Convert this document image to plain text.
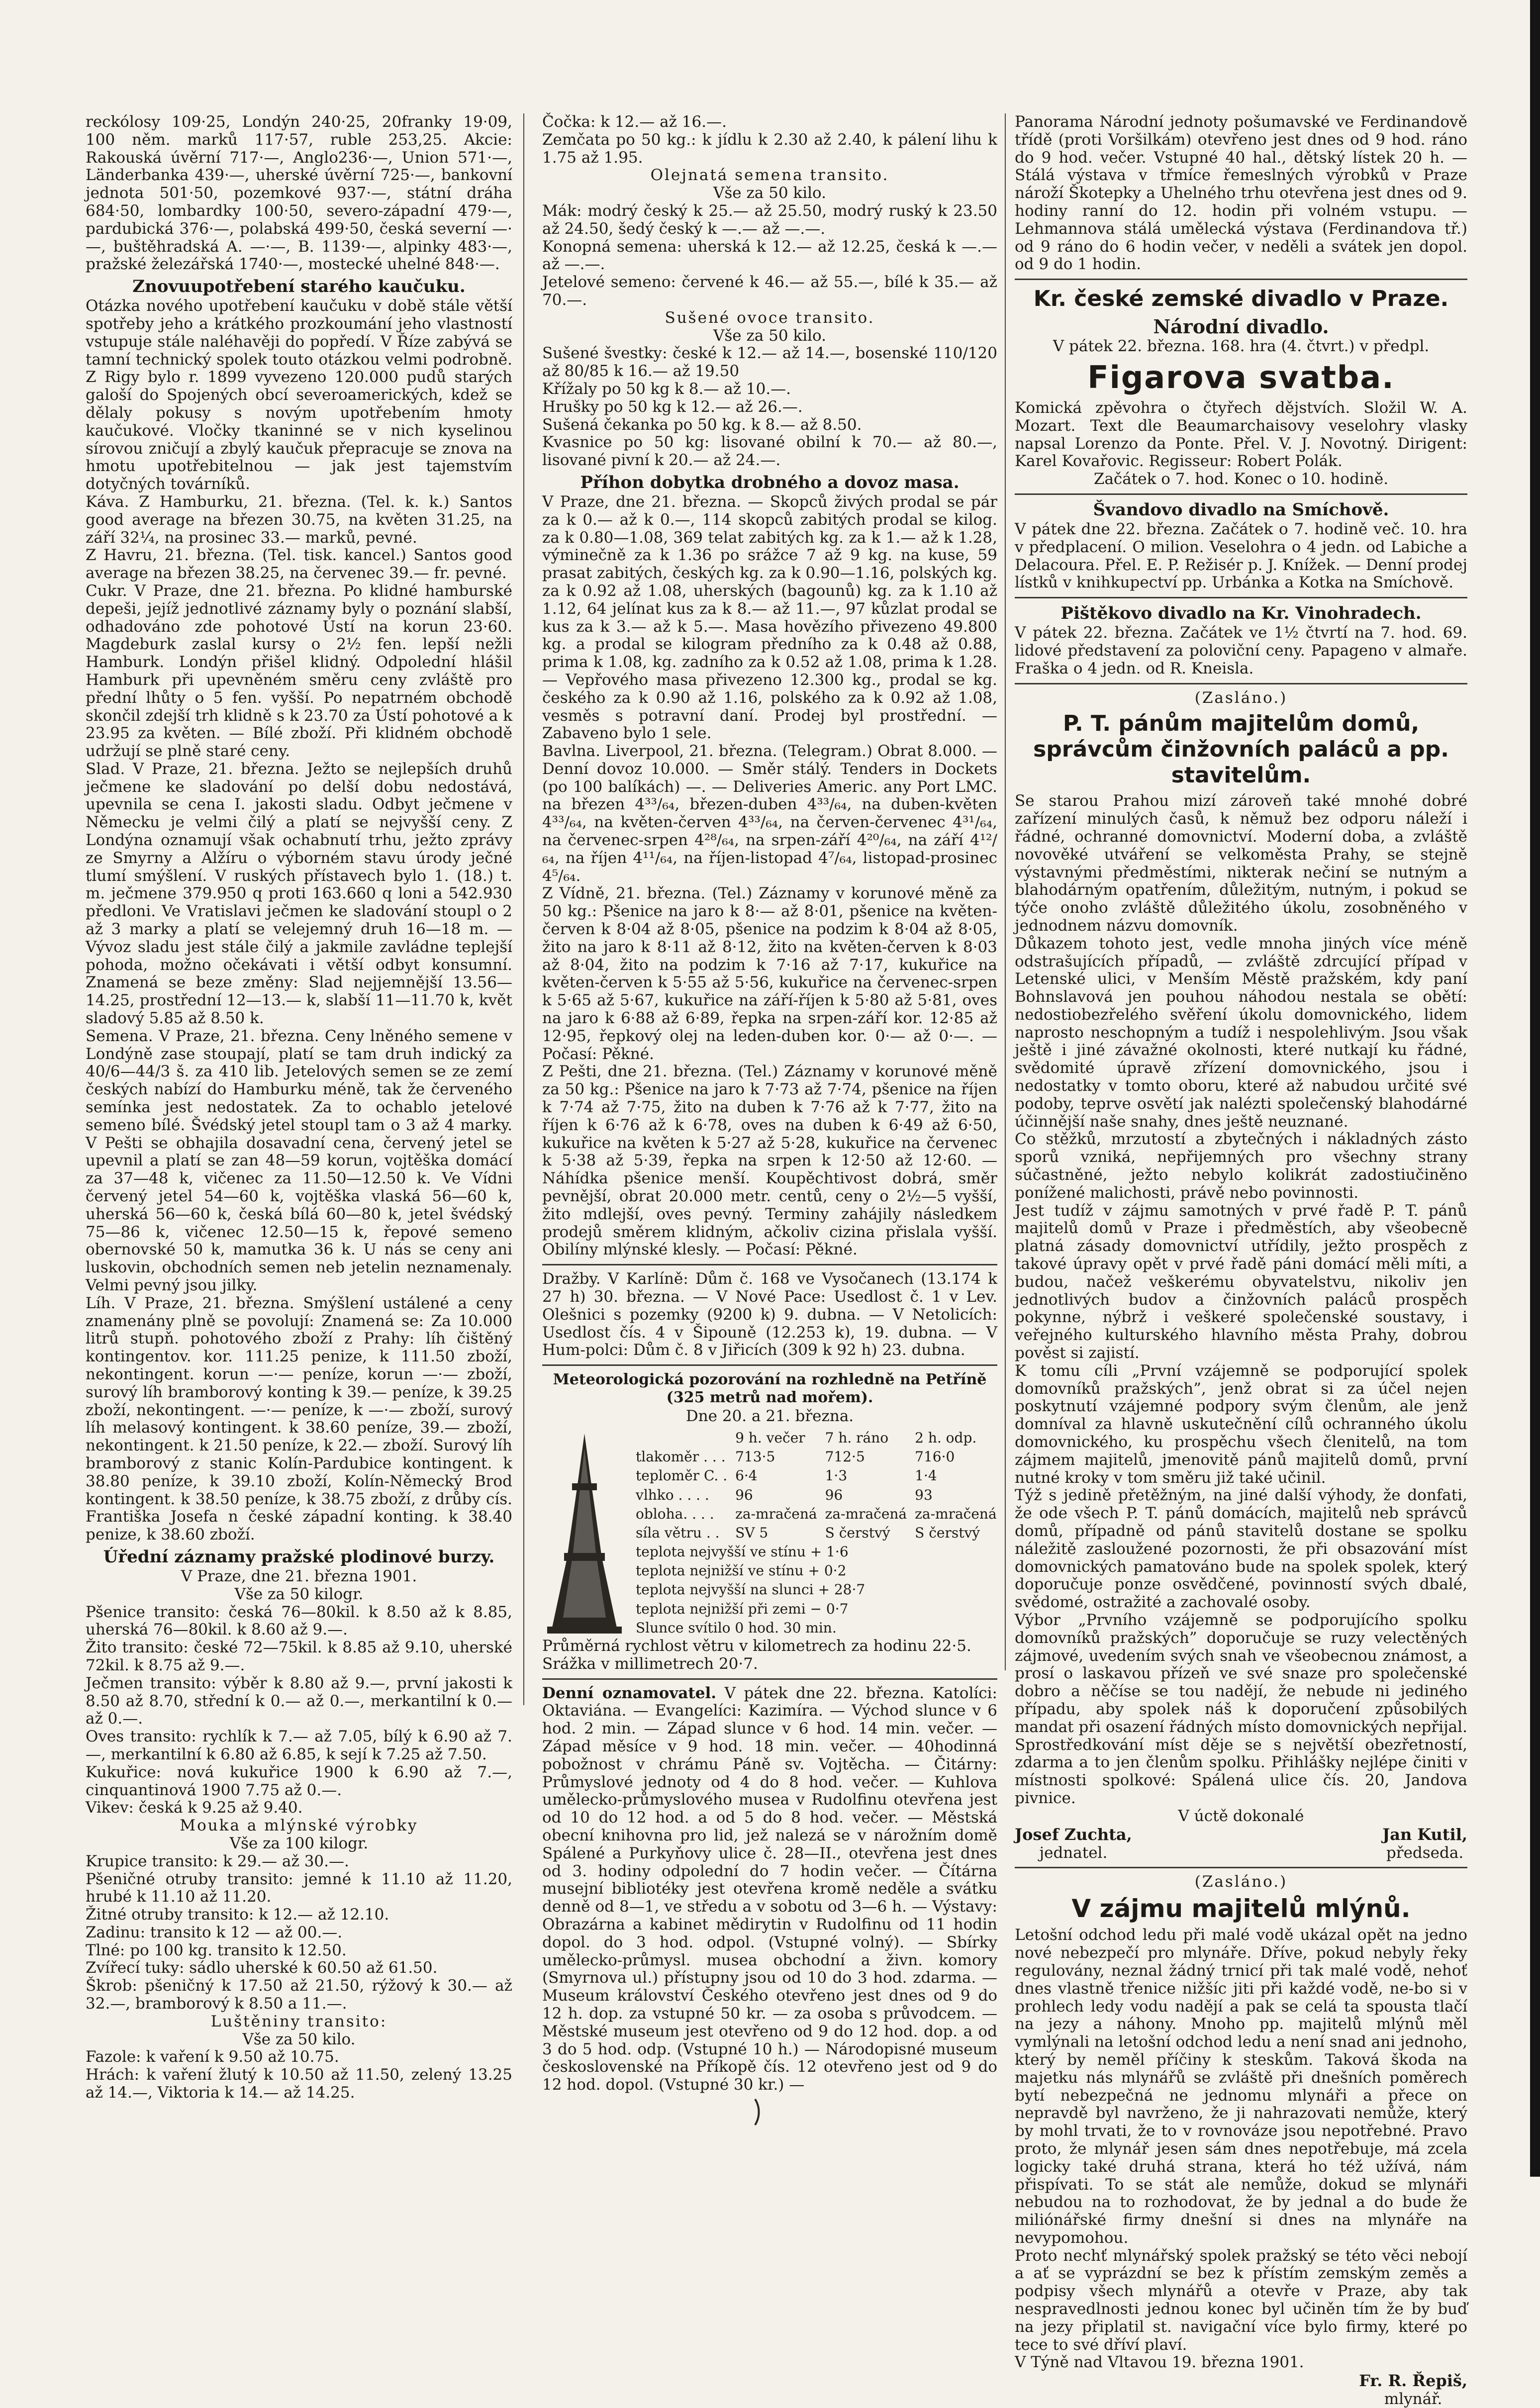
reckólosy 109·25, Londýn 240·25, 20franky 19·09, 100 něm. marků 117·57, ruble 253,25. Akcie: Rakouská úvěrní 717·—, Anglo236·—, Union 571·—, Länderbanka 439·—, uherské úvěrní 725·—, bankovní jednota 501·50, pozemkové 937·—, státní dráha 684·50, lombardky 100·50, severo-západní 479·—, pardubická 376·—, polabská 499·50, česká severní —·—, buštěhradská A. —·—, B. 1139·—, alpinky 483·—, pražské železářská 1740·—, mostecké uhelné 848·—.

Znovuupotřebení starého kaučuku.

Otázka nového upotřebení kaučuku v době stále větší spotřeby jeho a krátkého prozkoumání jeho vlastností vstupuje stále naléhavěji do popředí. V Říze zabývá se tamní technický spolek touto otázkou velmi podrobně. Z Rigy bylo r. 1899 vyvezeno 120.000 pudů starých galoší do Spojených obcí severoamerických, kdež se dělaly pokusy s novým upotřebením hmoty kaučukové. Vločky tkaninné se v nich kyselinou sírovou zničují a zbylý kaučuk přepracuje se znova na hmotu upotřebitelnou — jak jest tajemstvím dotyčných továrníků.

Káva. Z Hamburku, 21. března. (Tel. k. k.) Santos good average na březen 30.75, na květen 31.25, na září 32¼, na prosinec 33.— marků, pevné.

Z Havru, 21. března. (Tel. tisk. kancel.) Santos good average na březen 38.25, na červenec 39.— fr. pevné.

Cukr. V Praze, dne 21. března. Po klidné hamburské depeši, jejíž jednotlivé záznamy byly o poznání slabší, odhadováno zde pohotové Ústí na korun 23·60. Magdeburk zaslal kursy o 2½ fen. lepší nežli Hamburk. Londýn přišel klidný. Odpolední hlášil Hamburk při upevněném směru ceny zvláště pro přední lhůty o 5 fen. vyšší. Po nepatrném obchodě skončil zdejší trh klidně s k 23.70 za Ústí pohotové a k 23.95 za květen. — Bílé zboží. Při klidném obchodě udržují se plně staré ceny.

Slad. V Praze, 21. března. Ježto se nejlepších druhů ječmene ke sladování po delší dobu nedostává, upevnila se cena I. jakosti sladu. Odbyt ječmene v Německu je velmi čilý a platí se nejvyšší ceny. Z Londýna oznamují však ochabnutí trhu, ježto zprávy ze Smyrny a Alžíru o výborném stavu úrody ječné tlumí smýšlení. V ruských přístavech bylo 1. (18.) t. m. ječmene 379.950 q proti 163.660 q loni a 542.930 předloni. Ve Vratislavi ječmen ke sladování stoupl o 2 až 3 marky a platí se velejemný druh 16—18 m. — Vývoz sladu jest stále čilý a jakmile zavládne teplejší pohoda, možno očekávati i větší odbyt konsumní. Znamená se beze změny: Slad nejjemnější 13.56—14.25, prostřední 12—13.— k, slabší 11—11.70 k, květ sladový 5.85 až 8.50 k.

Semena. V Praze, 21. března. Ceny lněného semene v Londýně zase stoupají, platí se tam druh indický za 40/6—44/3 š. za 410 lib. Jetelových semen se ze zemí českých nabízí do Hamburku méně, tak že červeného semínka jest nedostatek. Za to ochablo jetelové semeno bílé. Švédský jetel stoupl tam o 3 až 4 marky. V Pešti se obhajila dosavadní cena, červený jetel se upevnil a platí se zan 48—59 korun, vojtěška domácí za 37—48 k, vičenec za 11.50—12.50 k. Ve Vídni červený jetel 54—60 k, vojtěška vlaská 56—60 k, uherská 56—60 k, česká bílá 60—80 k, jetel švédský 75—86 k, vičenec 12.50—15 k, řepové semeno obernovské 50 k, mamutka 36 k. U nás se ceny ani luskovin, obchodních semen neb jetelin neznamenaly. Velmi pevný jsou jilky.

Líh. V Praze, 21. března. Smýšlení ustálené a ceny znamenány plně se povolují: Znamená se: Za 10.000 litrů stupň. pohotového zboží z Prahy: líh čištěný kontingentov. kor. 111.25 penize, k 111.50 zboží, nekontingent. korun —·— peníze, korun —·— zboží, surový líh bramborový konting k 39.— peníze, k 39.25 zboží, nekontingent. —·— peníze, k —·— zboží, surový líh melasový kontingent. k 38.60 peníze, 39.— zboží, nekontingent. k 21.50 peníze, k 22.— zboží. Surový líh bramborový z stanic Kolín-Pardubice kontingent. k 38.80 peníze, k 39.10 zboží, Kolín-Německý Brod kontingent. k 38.50 peníze, k 38.75 zboží, z drůby cís. Františka Josefa n české západní konting. k 38.40 penize, k 38.60 zboží.

Úřední záznamy pražské plodinové burzy.

V Praze, dne 21. března 1901.

Vše za 50 kilogr.

Pšenice transito: česká 76—80kil. k 8.50 až k 8.85, uherská 76—80kil. k 8.60 až 9.—.

Žito transito: české 72—75kil. k 8.85 až 9.10, uherské 72kil. k 8.75 až 9.—.

Ječmen transito: výběr k 8.80 až 9.—, první jakosti k 8.50 až 8.70, střední k 0.— až 0.—, merkantilní k 0.— až 0.—.

Oves transito: rychlík k 7.— až 7.05, bílý k 6.90 až 7.—, merkantilní k 6.80 až 6.85, k sejí k 7.25 až 7.50.

Kukuřice: nová kukuřice 1900 k 6.90 až 7.—, cinquantinová 1900 7.75 až 0.—.

Vikev: česká k 9.25 až 9.40.

Mouka a mlýnské výrobky

Vše za 100 kilogr.

Krupice transito: k 29.— až 30.—.

Pšeničné otruby transito: jemné k 11.10 až 11.20, hrubé k 11.10 až 11.20.

Žitné otruby transito: k 12.— až 12.10.

Zadinu: transito k 12 — až 00.—.

Tlné: po 100 kg. transito k 12.50.

Zvířecí tuky: sádlo uherské k 60.50 až 61.50.

Škrob: pšeničný k 17.50 až 21.50, rýžový k 30.— až 32.—, bramborový k 8.50 a 11.—.

Luštěniny transito:

Vše za 50 kilo.

Fazole: k vaření k 9.50 až 10.75.

Hrách: k vaření žlutý k 10.50 až 11.50, zelený 13.25 až 14.—, Viktoria k 14.— až 14.25.

Čočka: k 12.— až 16.—.

Zemčata po 50 kg.: k jídlu k 2.30 až 2.40, k pálení lihu k 1.75 až 1.95.

Olejnatá semena transito.

Vše za 50 kilo.

Mák: modrý český k 25.— až 25.50, modrý ruský k 23.50 až 24.50, šedý český k —.— až —.—.

Konopná semena: uherská k 12.— až 12.25, česká k —.— až —.—.

Jetelové semeno: červené k 46.— až 55.—, bílé k 35.— až 70.—.

Sušené ovoce transito.

Vše za 50 kilo.

Sušené švestky: české k 12.— až 14.—, bosenské 110/120 až 80/85 k 16.— až 19.50

Křížaly po 50 kg k 8.— až 10.—.

Hrušky po 50 kg k 12.— až 26.—.

Sušená čekanka po 50 kg. k 8.— až 8.50.

Kvasnice po 50 kg: lisované obilní k 70.— až 80.—, lisované pivní k 20.— až 24.—.

Příhon dobytka drobného a dovoz masa.

V Praze, dne 21. března. — Skopců živých prodal se pár za k 0.— až k 0.—, 114 skopců zabitých prodal se kilog. za k 0.80—1.08, 369 telat zabitých kg. za k 1.— až k 1.28, výminečně za k 1.36 po srážce 7 až 9 kg. na kuse, 59 prasat zabitých, českých kg. za k 0.90—1.16, polských kg. za k 0.92 až 1.08, uherských (bagounů) kg. za k 1.10 až 1.12, 64 jelínat kus za k 8.— až 11.—, 97 kůzlat prodal se kus za k 3.— až k 5.—. Masa hovězího přivezeno 49.800 kg. a prodal se kilogram předního za k 0.48 až 0.88, prima k 1.08, kg. zadního za k 0.52 až 1.08, prima k 1.28. — Vepřového masa přivezeno 12.300 kg., prodal se kg. českého za k 0.90 až 1.16, polského za k 0.92 až 1.08, vesměs s potravní daní. Prodej byl prostřední. — Zabaveno bylo 1 sele.

Bavlna. Liverpool, 21. března. (Telegram.) Obrat 8.000. — Denní dovoz 10.000. — Směr stálý. Tenders in Dockets (po 100 balíkách) —. — Deliveries Americ. any Port LMC. na březen 4³³/₆₄, březen-duben 4³³/₆₄, na duben-květen 4³³/₆₄, na květen-červen 4³³/₆₄, na červen-červenec 4³¹/₆₄, na červenec-srpen 4²⁸/₆₄, na srpen-září 4²⁰/₆₄, na září 4¹²/₆₄, na říjen 4¹¹/₆₄, na říjen-listopad 4⁷/₆₄, listopad-prosinec 4⁵/₆₄.

Z Vídně, 21. března. (Tel.) Záznamy v korunové měně za 50 kg.: Pšenice na jaro k 8·— až 8·01, pšenice na květen-červen k 8·04 až 8·05, pšenice na podzim k 8·04 až 8·05, žito na jaro k 8·11 až 8·12, žito na květen-červen k 8·03 až 8·04, žito na podzim k 7·16 až 7·17, kukuřice na květen-červen k 5·55 až 5·56, kukuřice na červenec-srpen k 5·65 až 5·67, kukuřice na září-říjen k 5·80 až 5·81, oves na jaro k 6·88 až 6·89, řepka na srpen-září kor. 12·85 až 12·95, řepkový olej na leden-duben kor. 0·— až 0·—. — Počasí: Pěkné.

Z Pešti, dne 21. března. (Tel.) Záznamy v korunové měně za 50 kg.: Pšenice na jaro k 7·73 až 7·74, pšenice na říjen k 7·74 až 7·75, žito na duben k 7·76 až k 7·77, žito na říjen k 6·76 až k 6·78, oves na duben k 6·49 až 6·50, kukuřice na květen k 5·27 až 5·28, kukuřice na červenec k 5·38 až 5·39, řepka na srpen k 12·50 až 12·60. — Náhídka pšenice menší. Koupěchtivost dobrá, směr pevnější, obrat 20.000 metr. centů, ceny o 2½—5 vyšší, žito mdlejší, oves pevný. Terminy zahájily následkem prodejů směrem klidným, ačkoliv cizina přislala vyšší. Obilíny mlýnské klesly. — Počasí: Pěkné.

Dražby. V Karlíně: Dům č. 168 ve Vysočanech (13.174 k 27 h) 30. března. — V Nové Pace: Usedlost č. 1 v Lev. Olešnici s pozemky (9200 k) 9. dubna. — V Netolicích: Usedlost čís. 4 v Šipouně (12.253 k), 19. dubna. — V Hum-polci: Dům č. 8 v Jiřicích (309 k 92 h) 23. dubna.

Meteorologická pozorování na rozhledně na Petříně (325 metrů nad mořem).

Dne 20. a 21. března.

	9 h. večer	7 h. ráno	2 h. odp.
tlakoměr . . .	713·5	712·5	716·0
teploměr C. .	6·4	1·3	1·4
vlhko . . . .	96	96	93
obloha. . . .	za-mračená	za-mračená	za-mračená
síla větru . .	SV 5	S čerstvý	S čerstvý
teplota nejvyšší ve stínu + 1·6			
teplota nejnižší ve stínu + 0·2			
teplota nejvyšší na slunci + 28·7			
teplota nejnižší při zemi − 0·7			
Slunce svítilo 0 hod. 30 min.			

Průměrná rychlost větru v kilometrech za hodinu 22·5.

Srážka v millimetrech 20·7.

Denní oznamovatel. V pátek dne 22. března. Katolíci: Oktaviána. — Evangelíci: Kazimíra. — Východ slunce v 6 hod. 2 min. — Západ slunce v 6 hod. 14 min. večer. — Západ měsíce v 9 hod. 18 min. večer. — 40hodinná pobožnost v chrámu Páně sv. Vojtěcha. — Čitárny: Průmyslové jednoty od 4 do 8 hod. večer. — Kuhlova umělecko-průmyslového musea v Rudolfinu otevřena jest od 10 do 12 hod. a od 5 do 8 hod. večer. — Městská obecní knihovna pro lid, jež nalezá se v nárožním domě Spálené a Purkyňovy ulice č. 28—II., otevřena jest dnes od 3. hodiny odpolední do 7 hodin večer. — Čítárna musejní bibliotéky jest otevřena kromě neděle a svátku denně od 8—1, ve středu a v sobotu od 3—6 h. — Výstavy: Obrazárna a kabinet mědirytin v Rudolfinu od 11 hodin dopol. do 3 hod. odpol. (Vstupné volný). — Sbírky umělecko-průmysl. musea obchodní a živn. komory (Smyrnova ul.) přístupny jsou od 10 do 3 hod. zdarma. — Museum království Českého otevřeno jest dnes od 9 do 12 h. dop. za vstupné 50 kr. — za osoba s průvodcem. — Městské museum jest otevřeno od 9 do 12 hod. dop. a od 3 do 5 hod. odp. (Vstupné 10 h.) — Národopisné museum československé na Příkopě čís. 12 otevřeno jest od 9 do 12 hod. dopol. (Vstupné 30 kr.) —

Panorama Národní jednoty pošumavské ve Ferdinandově třídě (proti Voršilkám) otevřeno jest dnes od 9 hod. ráno do 9 hod. večer. Vstupné 40 hal., dětský lístek 20 h. — Stálá výstava v třmíce řemeslných výrobků v Praze nároží Škotepky a Uhelného trhu otevřena jest dnes od 9. hodiny ranní do 12. hodin při volném vstupu. — Lehmannova stálá umělecká výstava (Ferdinandova tř.) od 9 ráno do 6 hodin večer, v neděli a svátek jen dopol. od 9 do 1 hodin.

Kr. české zemské divadlo v Praze.
Národní divadlo.

V pátek 22. března. 168. hra (4. čtvrt.) v předpl.

Figarova svatba.

Komická zpěvohra o čtyřech dějstvích. Složil W. A. Mozart. Text dle Beaumarchaisovy veselohry vlasky napsal Lorenzo da Ponte. Přel. V. J. Novotný. Dirigent: Karel Kovařovic. Regisseur: Robert Polák.

Začátek o 7. hod. Konec o 10. hodině.

Švandovo divadlo na Smíchově.

V pátek dne 22. března. Začátek o 7. hodině več. 10. hra v předplacení. O milion. Veselohra o 4 jedn. od Labiche a Delacourа. Přel. E. P. Režisér p. J. Knížek. — Denní prodej lístků v knihkupectví pp. Urbánka a Kotka na Smíchově.

Pištěkovo divadlo na Kr. Vinohradech.

V pátek 22. března. Začátek ve 1½ čtvrtí na 7. hod. 69. lidové představení za poloviční ceny. Papageno v almaře. Fraška o 4 jedn. od R. Kneisla.

(Zasláno.)

P. T. pánům majitelům domů, správcům činžovních paláců a pp. stavitelům.

Se starou Prahou mizí zároveň také mnohé dobré zařízení minulých časů, k němuž bez odporu náleží i řádné, ochranné domovnictví. Moderní doba, a zvláště novověké utváření se velkoměsta Prahy, se stejně výstavnými předměstími, nikterak nečiní se nutným a blahodárným opatřením, důležitým, nutným, i pokud se týče onoho zvláště důležitého úkolu, zosobněného v jednodnem názvu domovník.

Důkazem tohoto jest, vedle mnoha jiných více méně odstrašujících případů, — zvláště zdrcující případ v Letenské ulici, v Menším Městě pražském, kdy paní Bohnslavová jen pouhou náhodou nestala se obětí: nedostiobezřelého svěření úkolu domovnického, lidem naprosto neschopným a tudíž i nespolehlivým. Jsou však ještě i jiné závažné okolnosti, které nutkají ku řádné, svědomité úpravě zřízení domovnického, jsou i nedostatky v tomto oboru, které až nabudou určité své podoby, teprve osvětí jak nalézti společenský blahodárné účinnější naše snahy, dnes ještě neuznané.

Co stěžků, mrzutostí a zbytečných i nákladných zásto sporů vzniká, nepřijemných pro všechny strany súčastněné, ježto nebylo kolikrát zadostiučiněno ponížené malichosti, právě nebo povinnosti.

Jest tudíž v zájmu samotných v prvé řadě P. T. pánů majitelů domů v Praze i předměstích, aby všeobecně platná zásady domovnictví utřídily, ježto prospěch z takové úpravy opět v prvé řadě páni domácí měli míti, a budou, načež veškerému obyvatelstvu, nikoliv jen jednotlivých budov a činžovních paláců prospěch pokynne, nýbrž i veškeré společenské soustavy, i veřejného kulturského hlavního města Prahy, dobrou pověst si zajistí.

K tomu cíli „První vzájemně se podporující spolek domovníků pražských”, jenž obrat si za účel nejen poskytnutí vzájemné podpory svým členům, ale jenž domníval za hlavně uskutečnění cílů ochranného úkolu domovnického, ku prospěchu všech členitelů, na tom zájmem majitelů, jmenovitě pánů majitelů domů, první nutné kroky v tom směru již také učinil.

Týž s jedině přetěžným, na jiné další výhody, že donfati, že ode všech P. T. pánů domácích, majitelů neb správců domů, případně od pánů stavitelů dostane se spolku náležitě zasloužené pozornosti, že při obsazování míst domovnických pamatováno bude na spolek spolek, který doporučuje ponze osvědčené, povinností svých dbalé, svědomé, ostražité a zachovalé osoby.

Výbor „Prvního vzájemně se podporujícího spolku domovníků pražských” doporučuje se ruzy velectěných zájmové, uvedením svých snah ve všeobecnou známost, a prosí o laskavou přízeň ve své snaze pro společenské dobro a něčíse se tou nadějí, že nebude ni jediného případu, aby spolek náš k doporučení způsobilých mandat při osazení řádných místo domovnických nepřijal.

Sprostředkování míst děje se s největší obezřetností, zdarma a to jen členům spolku. Přihlášky nejlépe činiti v místnosti spolkové: Spálená ulice čís. 20, Jandova pivnice.

V úctě dokonalé

Josef Zuchta,
jednatel.
Jan Kutil,
předseda.

(Zasláno.)

V zájmu majitelů mlýnů.

Letošní odchod ledu při malé vodě ukázal opět na jedno nové nebezpečí pro mlynáře. Dříve, pokud nebyly řeky regulovány, neznal žádný trnicí při tak malé vodě, nehoť dnes vlastně třenice nižšíc jiti při každé vodě, ne-bo si v prohlech ledy vodu nadějí a pak se celá ta spousta tlačí na jezy a náhony. Mnoho pp. majitelů mlýnů měl vymlýnali na letošní odchod ledu a není snad ani jednoho, který by neměl příčiny k steskům. Taková škoda na majetku nás mlynářů se zvláště při dnešních poměrech bytí nebezpečná ne jednomu mlynáři a přece on nepravdě byl navrženo, že ji nahrazovati nemůže, který by mohl trvati, že to v rovnováze jsou nepotřebné. Pravo proto, že mlynář jesen sám dnes nepotřebuje, má zcela logicky také druhá strana, která ho též užívá, nám přispívati. To se stát ale nemůže, dokud se mlynáři nebudou na to rozhodovat, že by jednal a do bude že miliónářské firmy dnešní si dnes na mlynáře na nevypomohou.

Proto nechť mlynářský spolek pražský se této věci nebojí a ať se vyprázdní se bez k přístím zemským zeměs a podpisy všech mlynářů a otevře v Praze, aby tak nespravedlnosti jednou konec byl učiněn tím že by buď na jezy připlatil st. navigační více bylo firmy, které po tece to své dříví plaví.

V Týně nad Vltavou 19. března 1901.

Fr. R. Řepiš,
mlynář.
